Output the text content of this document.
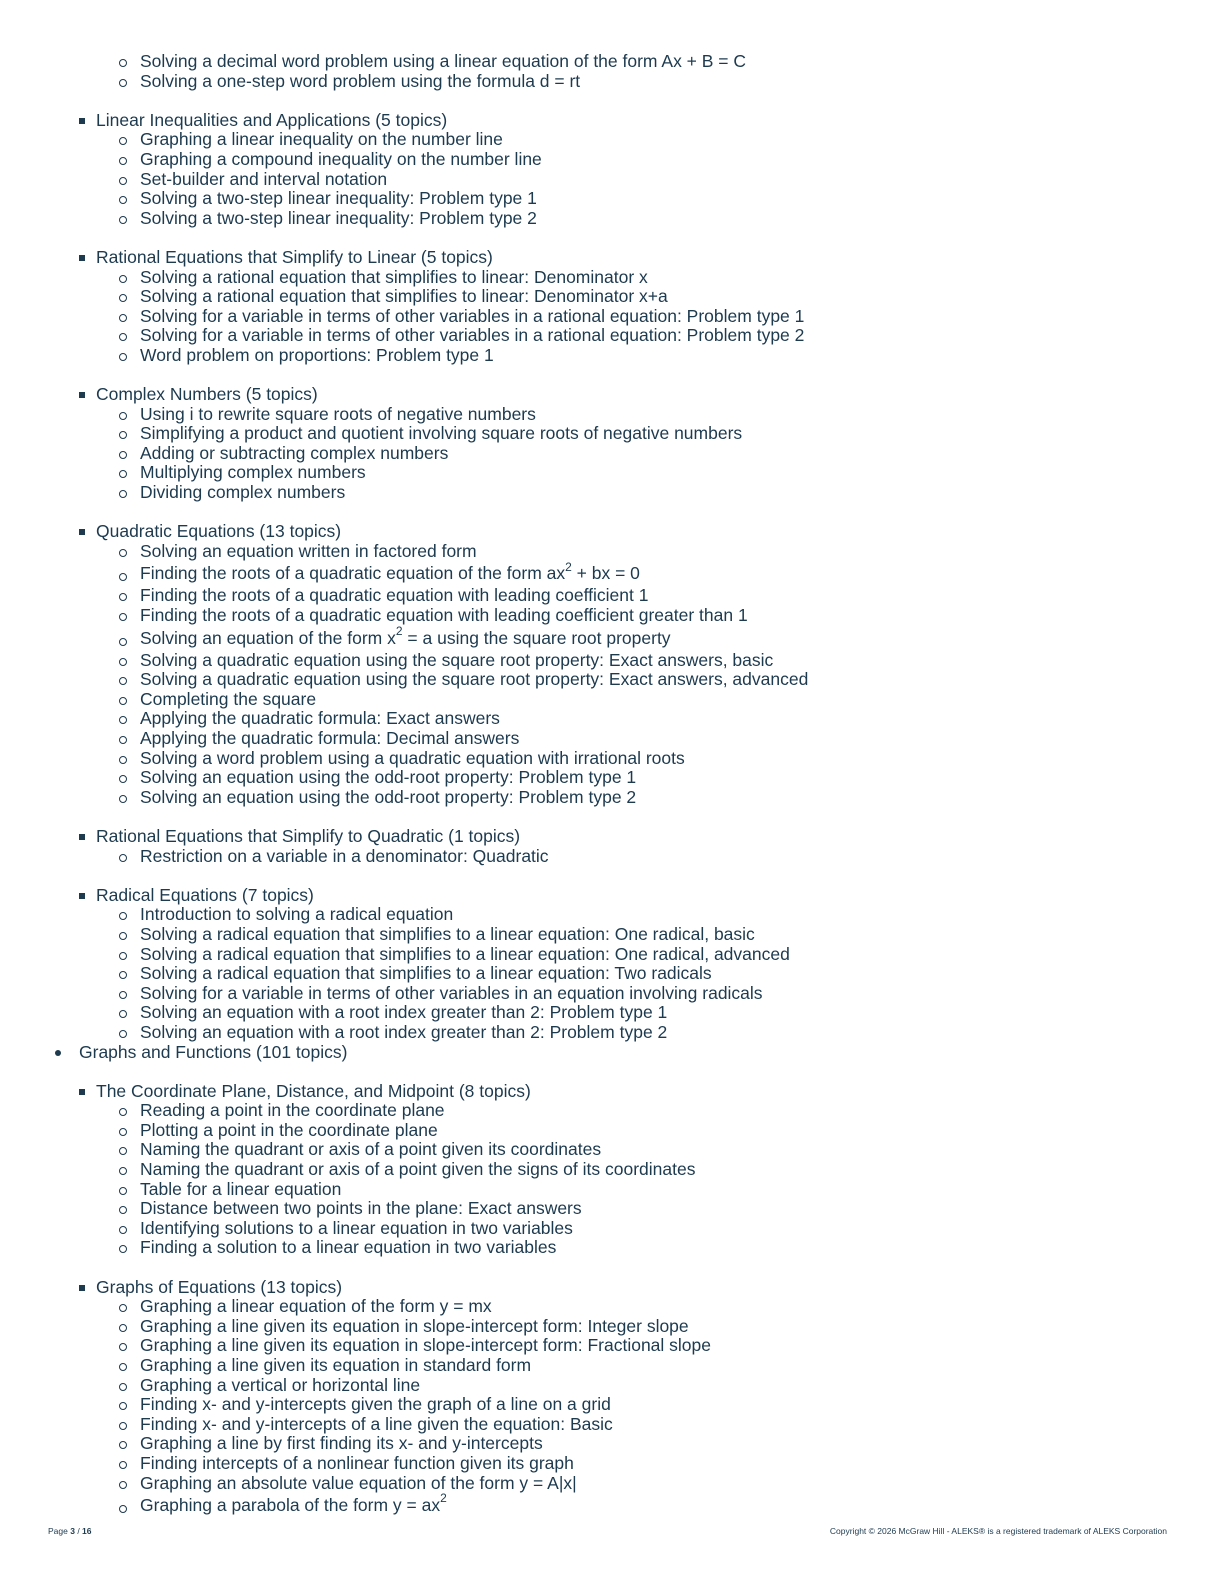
Solving a decimal word problem using a linear equation of the form Ax + B = C
Solving a one-step word problem using the formula d = rt
Linear Inequalities and Applications (5 topics)
Graphing a linear inequality on the number line
Graphing a compound inequality on the number line
Set-builder and interval notation
Solving a two-step linear inequality: Problem type 1
Solving a two-step linear inequality: Problem type 2
Rational Equations that Simplify to Linear (5 topics)
Solving a rational equation that simplifies to linear: Denominator x
Solving a rational equation that simplifies to linear: Denominator x+a
Solving for a variable in terms of other variables in a rational equation: Problem type 1
Solving for a variable in terms of other variables in a rational equation: Problem type 2
Word problem on proportions: Problem type 1
Complex Numbers (5 topics)
Using i to rewrite square roots of negative numbers
Simplifying a product and quotient involving square roots of negative numbers
Adding or subtracting complex numbers
Multiplying complex numbers
Dividing complex numbers
Quadratic Equations (13 topics)
Solving an equation written in factored form
Finding the roots of a quadratic equation of the form $ax^2$ + bx = 0
Finding the roots of a quadratic equation with leading coefficient 1
Finding the roots of a quadratic equation with leading coefficient greater than 1
Solving an equation of the form $x^2 = a$ using the square root property
Solving a quadratic equation using the square root property: Exact answers, basic
Solving a quadratic equation using the square root property: Exact answers, advanced
Completing the square
Applying the quadratic formula: Exact answers
Applying the quadratic formula: Decimal answers
Solving a word problem using a quadratic equation with irrational roots
Solving an equation using the odd-root property: Problem type 1
Solving an equation using the odd-root property: Problem type 2
Rational Equations that Simplify to Quadratic (1 topics)
Restriction on a variable in a denominator: Quadratic
Radical Equations (7 topics)
Introduction to solving a radical equation
Solving a radical equation that simplifies to a linear equation: One radical, basic
Solving a radical equation that simplifies to a linear equation: One radical, advanced
Solving a radical equation that simplifies to a linear equation: Two radicals
Solving for a variable in terms of other variables in an equation involving radicals
Solving an equation with a root index greater than 2: Problem type 1
Solving an equation with a root index greater than 2: Problem type 2
Graphs and Functions (101 topics)
The Coordinate Plane, Distance, and Midpoint (8 topics)
Reading a point in the coordinate plane
Plotting a point in the coordinate plane
Naming the quadrant or axis of a point given its coordinates
Naming the quadrant or axis of a point given the signs of its coordinates
Table for a linear equation
Distance between two points in the plane: Exact answers
Identifying solutions to a linear equation in two variables
Finding a solution to a linear equation in two variables
Graphs of Equations (13 topics)
Graphing a linear equation of the form y = mx
Graphing a line given its equation in slope-intercept form: Integer slope
Graphing a line given its equation in slope-intercept form: Fractional slope
Graphing a line given its equation in standard form
Graphing a vertical or horizontal line
Finding x- and y-intercepts given the graph of a line on a grid
Finding x- and y-intercepts of a line given the equation: Basic
Graphing a line by first finding its x- and y-intercepts
Finding intercepts of a nonlinear function given its graph
Graphing an absolute value equation of the form y = A|x|
Graphing a parabola of the form $y = ax^2$
Page 3 / 16	Copyright © 2026 McGraw Hill - ALEKS® is a registered trademark of ALEKS Corporation
